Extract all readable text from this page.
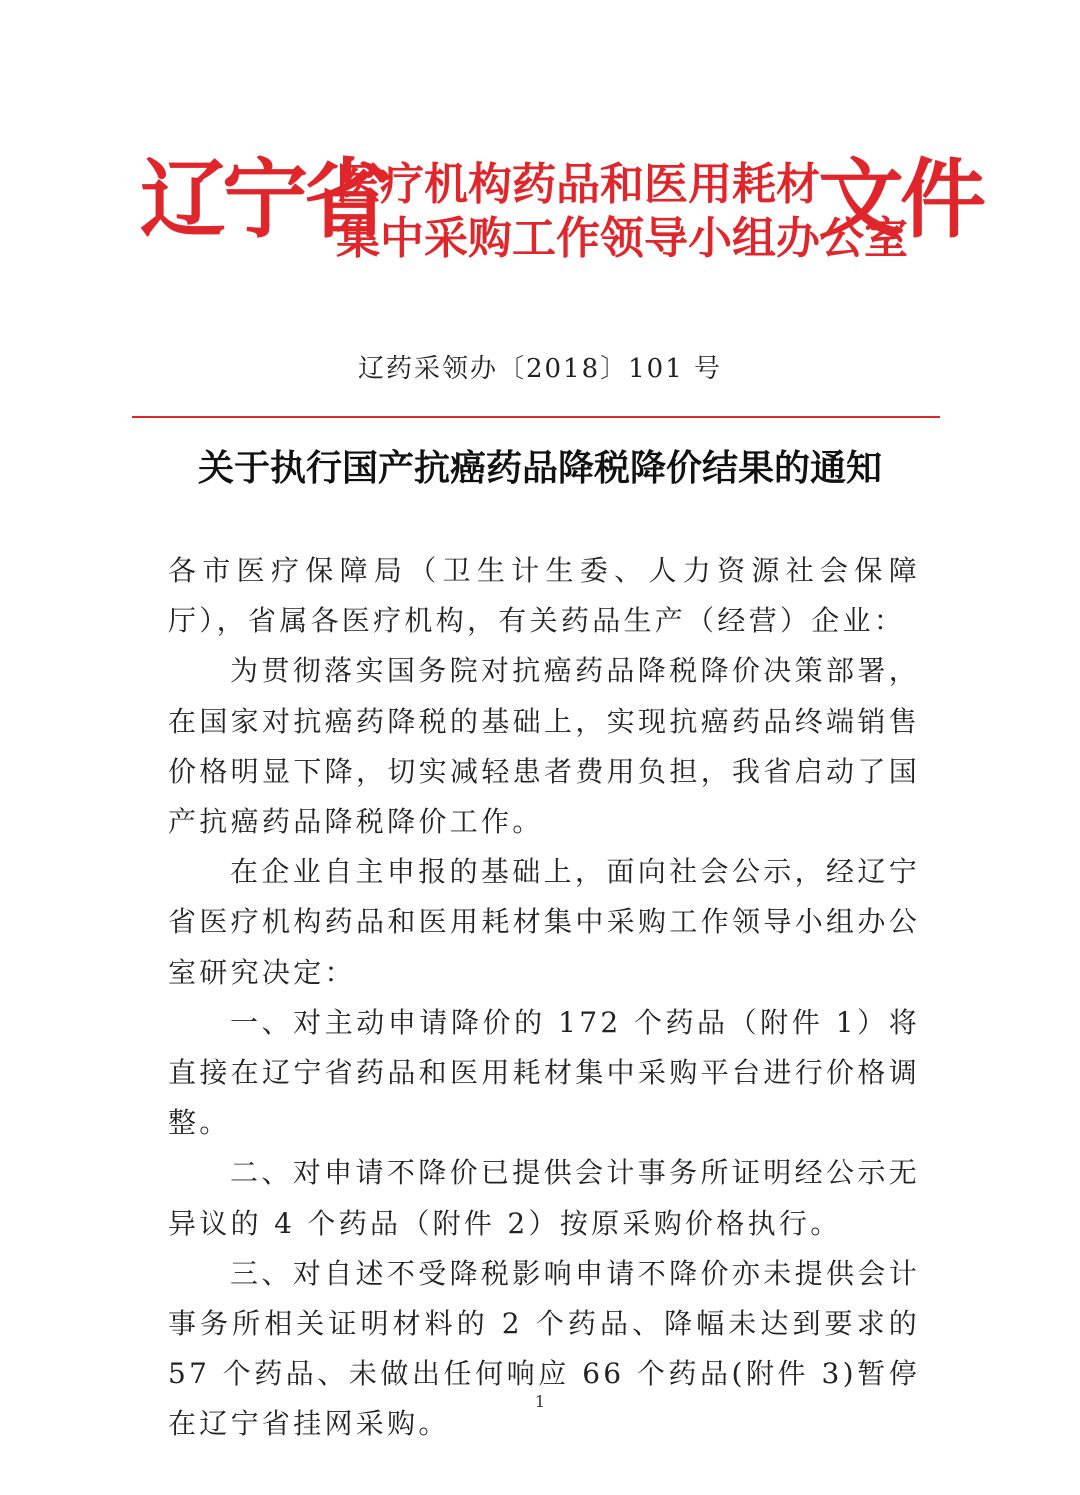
辽宁省
医疗机构药品和医用耗材
集中采购工作领导小组办公室
文件
辽药采领办〔2018〕101 号
关于执行国产抗癌药品降税降价结果的通知

各市医疗保障局（卫生计生委、人力资源社会保障厅），省属各医疗机构，有关药品生产（经营）企业：

为贯彻落实国务院对抗癌药品降税降价决策部署，在国家对抗癌药降税的基础上，实现抗癌药品终端销售价格明显下降，切实减轻患者费用负担，我省启动了国产抗癌药品降税降价工作。

在企业自主申报的基础上，面向社会公示，经辽宁省医疗机构药品和医用耗材集中采购工作领导小组办公室研究决定：

一、对主动申请降价的 172 个药品（附件 1）将直接在辽宁省药品和医用耗材集中采购平台进行价格调整。

二、对申请不降价已提供会计事务所证明经公示无异议的 4 个药品（附件 2）按原采购价格执行。

三、对自述不受降税影响申请不降价亦未提供会计事务所相关证明材料的 2 个药品、降幅未达到要求的 57 个药品、未做出任何响应 66 个药品(附件 3)暂停在辽宁省挂网采购。

1
